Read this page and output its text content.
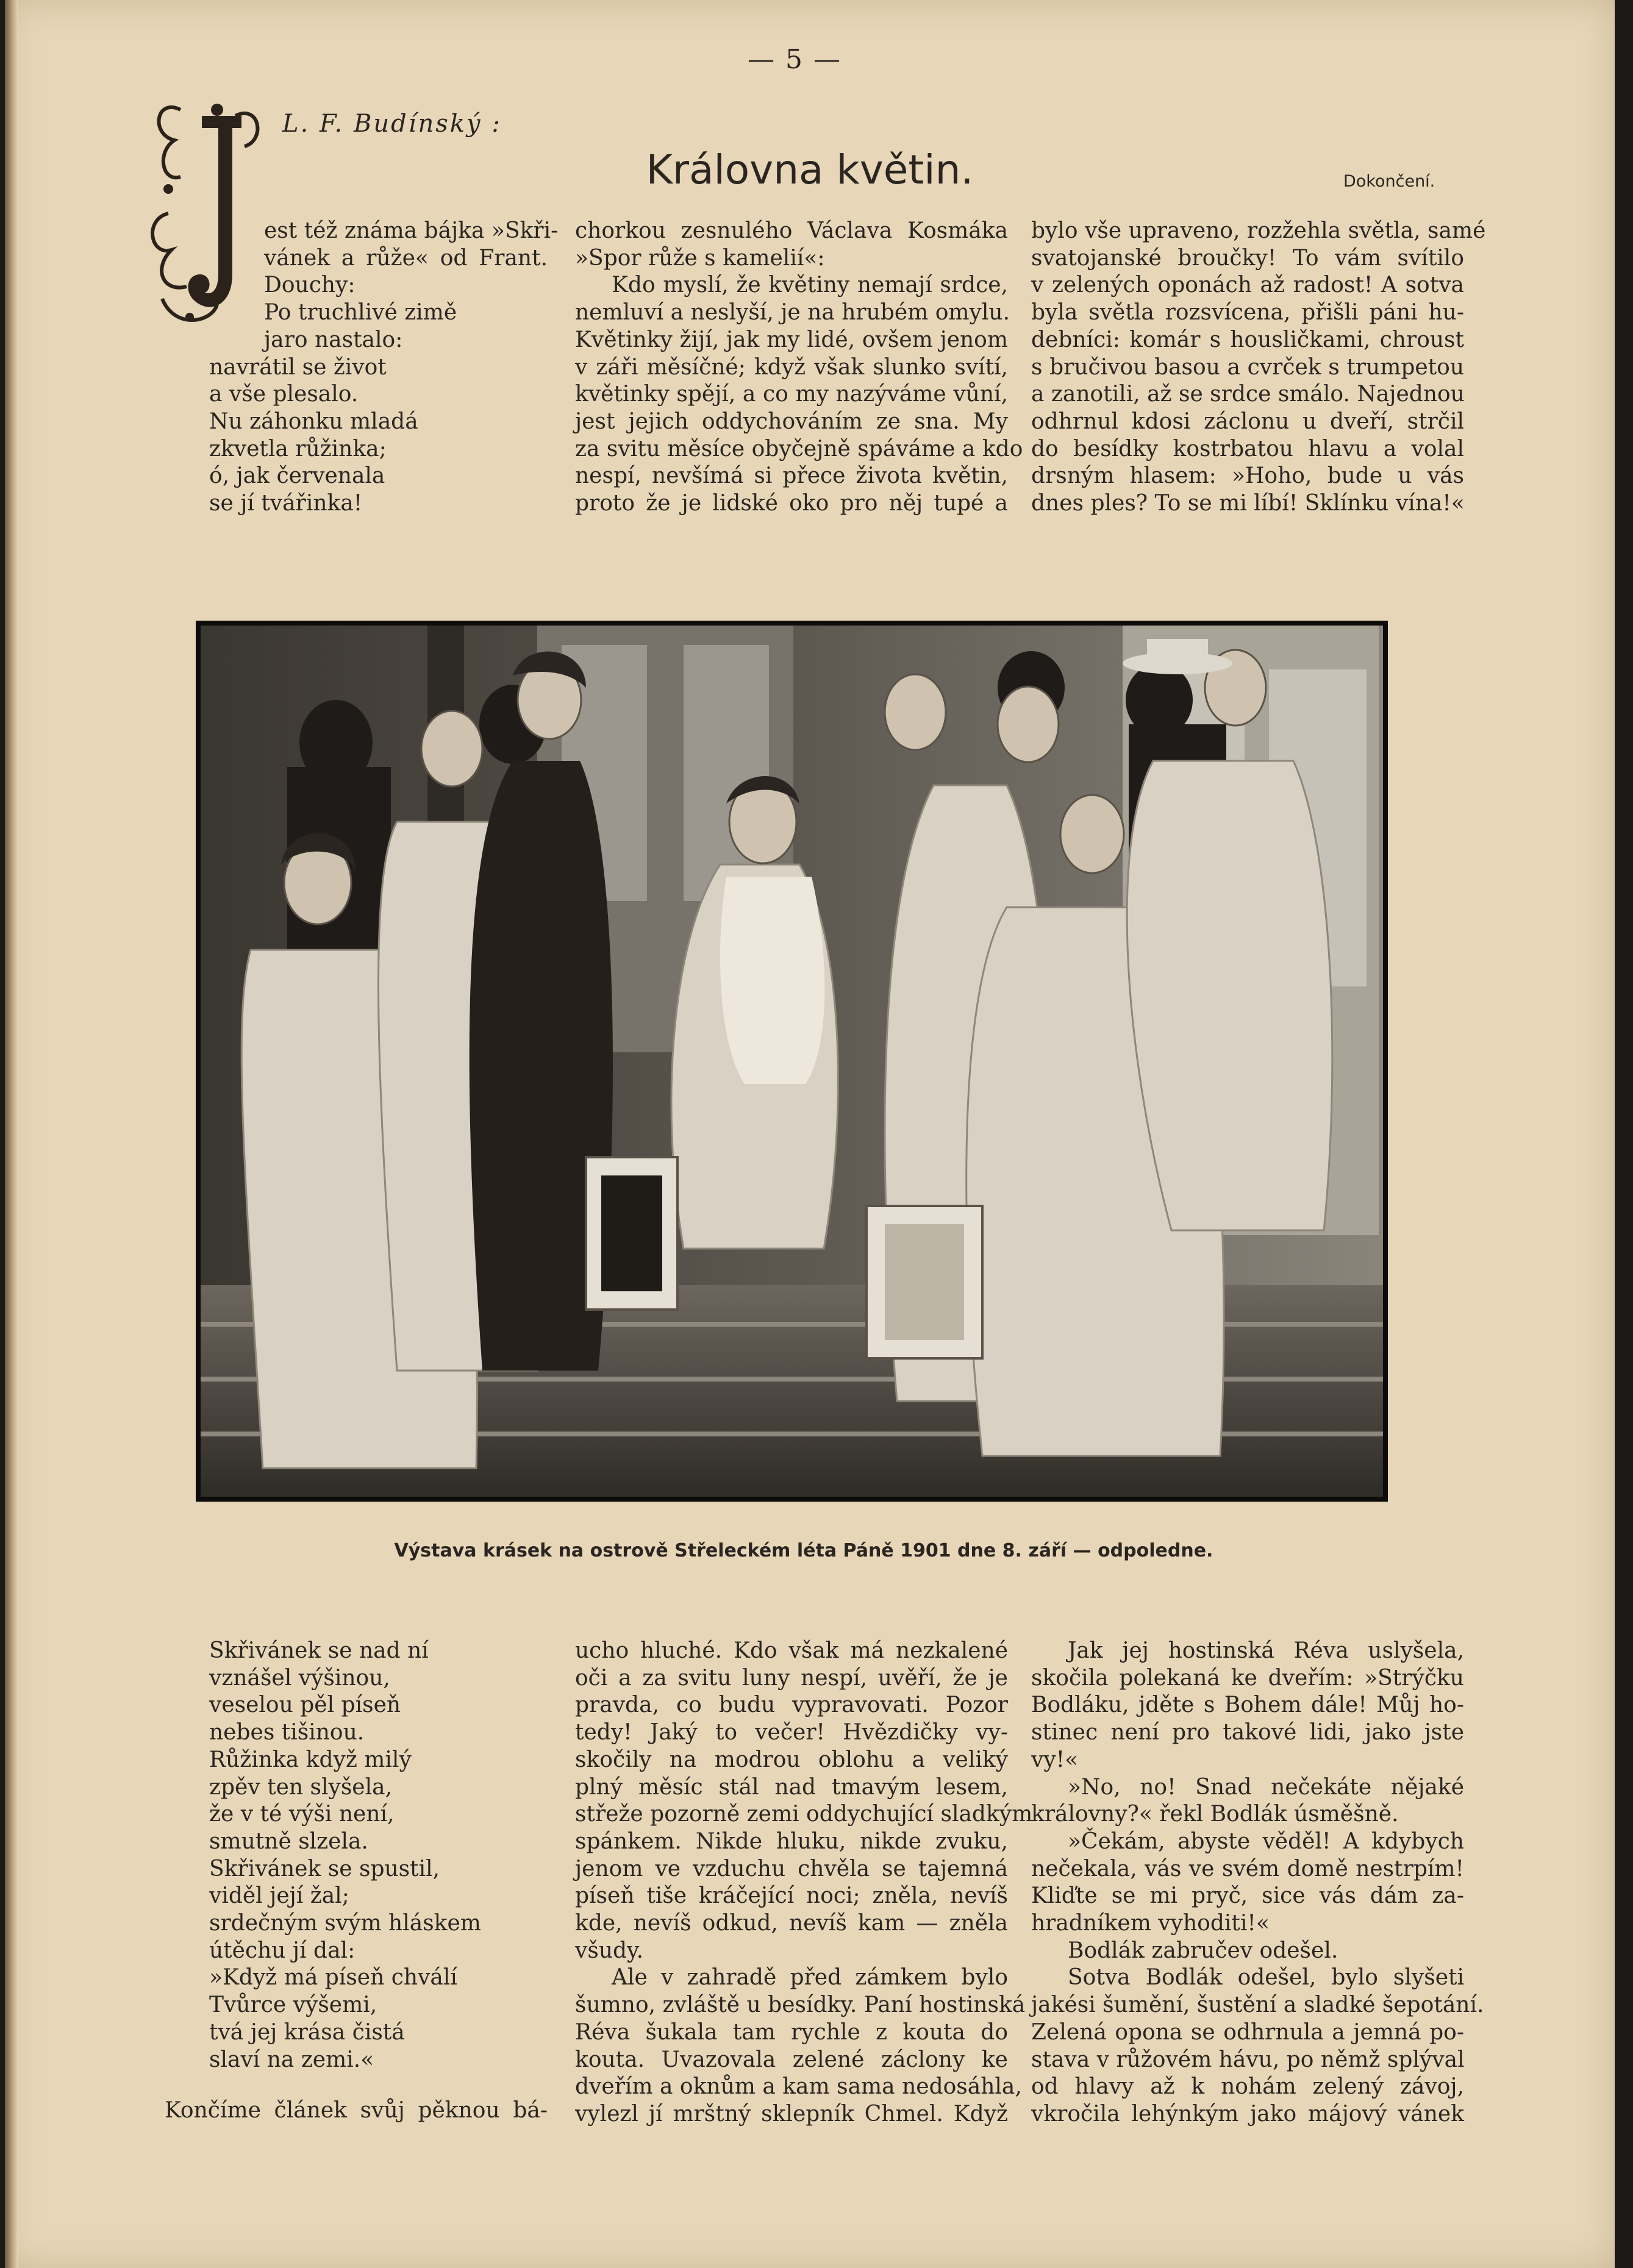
— 5 —
L. F. Budínský :
Královna květin.	Dokončení.
est též známa bájka »Skři-
vánek a růže« od Frant.
Douchy:
Po truchlivé zimě
jaro nastalo:
navrátil se život
a vše plesalo.
Nu záhonku mladá
zkvetla růžinka;
ó, jak červenala
se jí tvářinka!
chorkou zesnulého Václava Kosmáka
»Spor růže s kamelií«:
Kdo myslí, že květiny nemají srdce,
nemluví a neslyší, je na hrubém omylu.
Květinky žijí, jak my lidé, ovšem jenom
v záři měsíčné; když však slunko svítí,
květinky spějí, a co my nazýváme vůní,
jest jejich oddychováním ze sna. My
za svitu měsíce obyčejně spáváme a kdo
nespí, nevšímá si přece života květin,
proto že je lidské oko pro něj tupé a
bylo vše upraveno, rozžehla světla, samé
svatojanské broučky! To vám svítilo
v zelených oponách až radost! A sotva
byla světla rozsvícena, přišli páni hu-
debníci: komár s housličkami, chroust
s bručivou basou a cvrček s trumpetou
a zanotili, až se srdce smálo. Najednou
odhrnul kdosi záclonu u dveří, strčil
do besídky kostrbatou hlavu a volal
drsným hlasem: »Hoho, bude u vás
dnes ples? To se mi líbí! Sklínku vína!«
Výstava krásek na ostrově Střeleckém léta Páně 1901 dne 8. září — odpoledne.
Skřivánek se nad ní
vznášel výšinou,
veselou pěl píseň
nebes tišinou.
Růžinka když milý
zpěv ten slyšela,
že v té výši není,
smutně slzela.
Skřivánek se spustil,
viděl její žal;
srdečným svým hláskem
útěchu jí dal:
»Když má píseň chválí
Tvůrce výšemi,
tvá jej krása čistá
slaví na zemi.«
Končíme článek svůj pěknou bá-
ucho hluché. Kdo však má nezkalené
oči a za svitu luny nespí, uvěří, že je
pravda, co budu vypravovati. Pozor
tedy! Jaký to večer! Hvězdičky vy-
skočily na modrou oblohu a veliký
plný měsíc stál nad tmavým lesem,
střeže pozorně zemi oddychující sladkým
spánkem. Nikde hluku, nikde zvuku,
jenom ve vzduchu chvěla se tajemná
píseň tiše kráčející noci; zněla, nevíš
kde, nevíš odkud, nevíš kam — zněla
všudy.
Ale v zahradě před zámkem bylo
šumno, zvláště u besídky. Paní hostinská
Réva šukala tam rychle z kouta do
kouta. Uvazovala zelené záclony ke
dveřím a oknům a kam sama nedosáhla,
vylezl jí mrštný sklepník Chmel. Když
Jak jej hostinská Réva uslyšela,
skočila polekaná ke dveřím: »Strýčku
Bodláku, jděte s Bohem dále! Můj ho-
stinec není pro takové lidi, jako jste
vy!«
»No, no! Snad nečekáte nějaké
královny?« řekl Bodlák úsměšně.
»Čekám, abyste věděl! A kdybych
nečekala, vás ve svém domě nestrpím!
Kliďte se mi pryč, sice vás dám za-
hradníkem vyhoditi!«
Bodlák zabručev odešel.
Sotva Bodlák odešel, bylo slyšeti
jakési šumění, šustění a sladké šepotání.
Zelená opona se odhrnula a jemná po-
stava v růžovém hávu, po němž splýval
od hlavy až k nohám zelený závoj,
vkročila lehýnkým jako májový vánek
